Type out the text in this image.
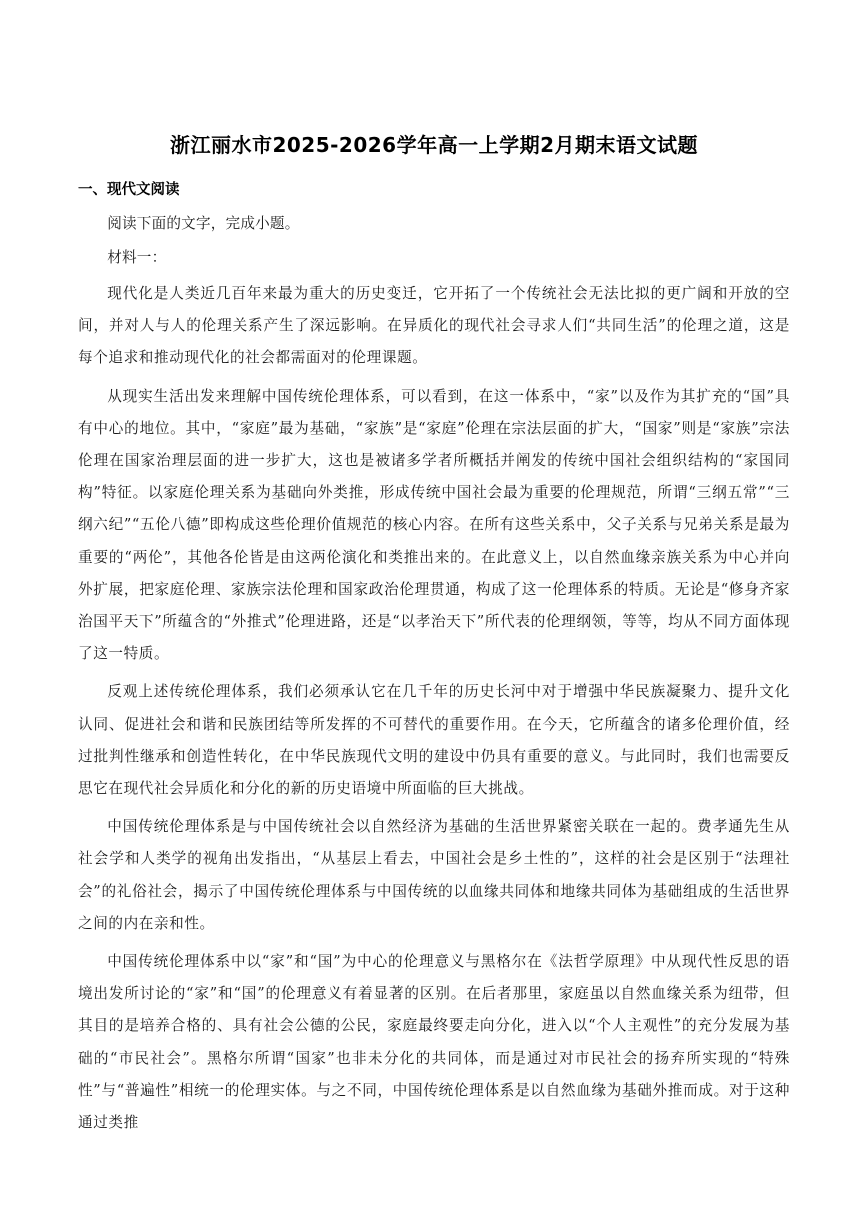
浙江丽水市2025-2026学年高一上学期2月期末语文试题
一、现代文阅读
阅读下面的文字，完成小题。
材料一：

现代化是人类近几百年来最为重大的历史变迁，它开拓了一个传统社会无法比拟的更广阔和开放的空间，并对人与人的伦理关系产生了深远影响。在异质化的现代社会寻求人们“共同生活”的伦理之道，这是每个追求和推动现代化的社会都需面对的伦理课题。

从现实生活出发来理解中国传统伦理体系，可以看到，在这一体系中，“家”以及作为其扩充的“国”具有中心的地位。其中，“家庭”最为基础，“家族”是“家庭”伦理在宗法层面的扩大，“国家”则是“家族”宗法伦理在国家治理层面的进一步扩大，这也是被诸多学者所概括并阐发的传统中国社会组织结构的“家国同构”特征。以家庭伦理关系为基础向外类推，形成传统中国社会最为重要的伦理规范，所谓“三纲五常”“三纲六纪”“五伦八德”即构成这些伦理价值规范的核心内容。在所有这些关系中，父子关系与兄弟关系是最为重要的“两伦”，其他各伦皆是由这两伦演化和类推出来的。在此意义上，以自然血缘亲族关系为中心并向外扩展，把家庭伦理、家族宗法伦理和国家政治伦理贯通，构成了这一伦理体系的特质。无论是“修身齐家治国平天下”所蕴含的“外推式”伦理进路，还是“以孝治天下”所代表的伦理纲领，等等，均从不同方面体现了这一特质。

反观上述传统伦理体系，我们必须承认它在几千年的历史长河中对于增强中华民族凝聚力、提升文化认同、促进社会和谐和民族团结等所发挥的不可替代的重要作用。在今天，它所蕴含的诸多伦理价值，经过批判性继承和创造性转化，在中华民族现代文明的建设中仍具有重要的意义。与此同时，我们也需要反思它在现代社会异质化和分化的新的历史语境中所面临的巨大挑战。

中国传统伦理体系是与中国传统社会以自然经济为基础的生活世界紧密关联在一起的。费孝通先生从社会学和人类学的视角出发指出，“从基层上看去，中国社会是乡土性的”，这样的社会是区别于“法理社会”的礼俗社会，揭示了中国传统伦理体系与中国传统的以血缘共同体和地缘共同体为基础组成的生活世界之间的内在亲和性。

中国传统伦理体系中以“家”和“国”为中心的伦理意义与黑格尔在《法哲学原理》中从现代性反思的语境出发所讨论的“家”和“国”的伦理意义有着显著的区别。在后者那里，家庭虽以自然血缘关系为纽带，但其目的是培养合格的、具有社会公德的公民，家庭最终要走向分化，进入以“个人主观性”的充分发展为基础的“市民社会”。黑格尔所谓“国家”也非未分化的共同体，而是通过对市民社会的扬弃所实现的“特殊性”与“普遍性”相统一的伦理实体。与之不同，中国传统伦理体系是以自然血缘为基础外推而成。对于这种通过类推
